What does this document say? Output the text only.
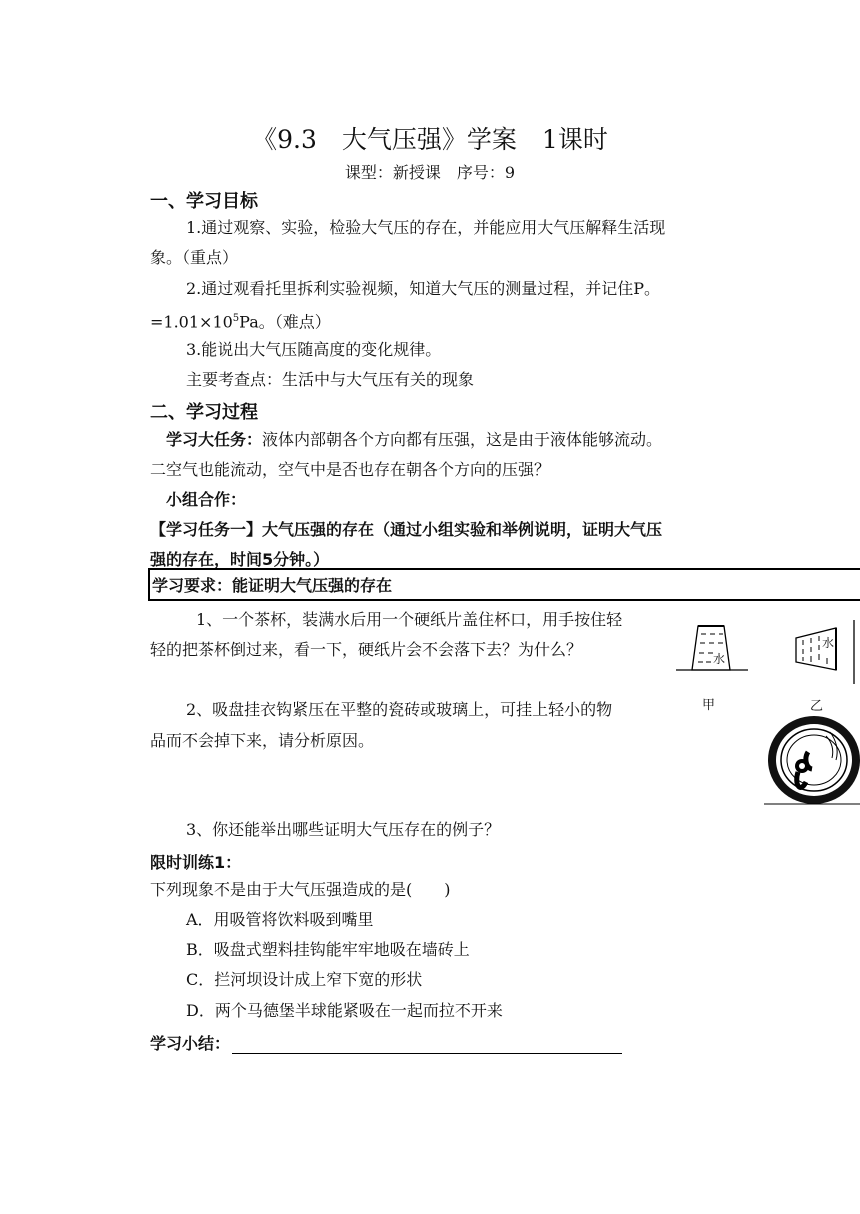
《9.3　大气压强》学案　1课时
课型：新授课　序号：9
一、学习目标
1.通过观察、实验，检验大气压的存在，并能应用大气压解释生活现
象。（重点）
2.通过观看托里拆利实验视频，知道大气压的测量过程，并记住P。
$=1.01\times 10^5Pa$。（难点）
3.能说出大气压随高度的变化规律。
主要考查点：生活中与大气压有关的现象
二、学习过程
学习大任务：液体内部朝各个方向都有压强，这是由于液体能够流动。
二空气也能流动，空气中是否也存在朝各个方向的压强？
小组合作：
【学习任务一】大气压强的存在（通过小组实验和举例说明，证明大气压
强的存在，时间5分钟。）
学习要求：能证明大气压强的存在
1、一个茶杯，装满水后用一个硬纸片盖住杯口，用手按住轻
轻的把茶杯倒过来，看一下，硬纸片会不会落下去？为什么？
2、吸盘挂衣钩紧压在平整的瓷砖或玻璃上，可挂上轻小的物
品而不会掉下来，请分析原因。
3、你还能举出哪些证明大气压存在的例子？
水
水
甲	乙
限时训练1：
下列现象不是由于大气压强造成的是(　　)
A．用吸管将饮料吸到嘴里
B．吸盘式塑料挂钩能牢牢地吸在墙砖上
C．拦河坝设计成上窄下宽的形状
D．两个马德堡半球能紧吸在一起而拉不开来
学习小结：
